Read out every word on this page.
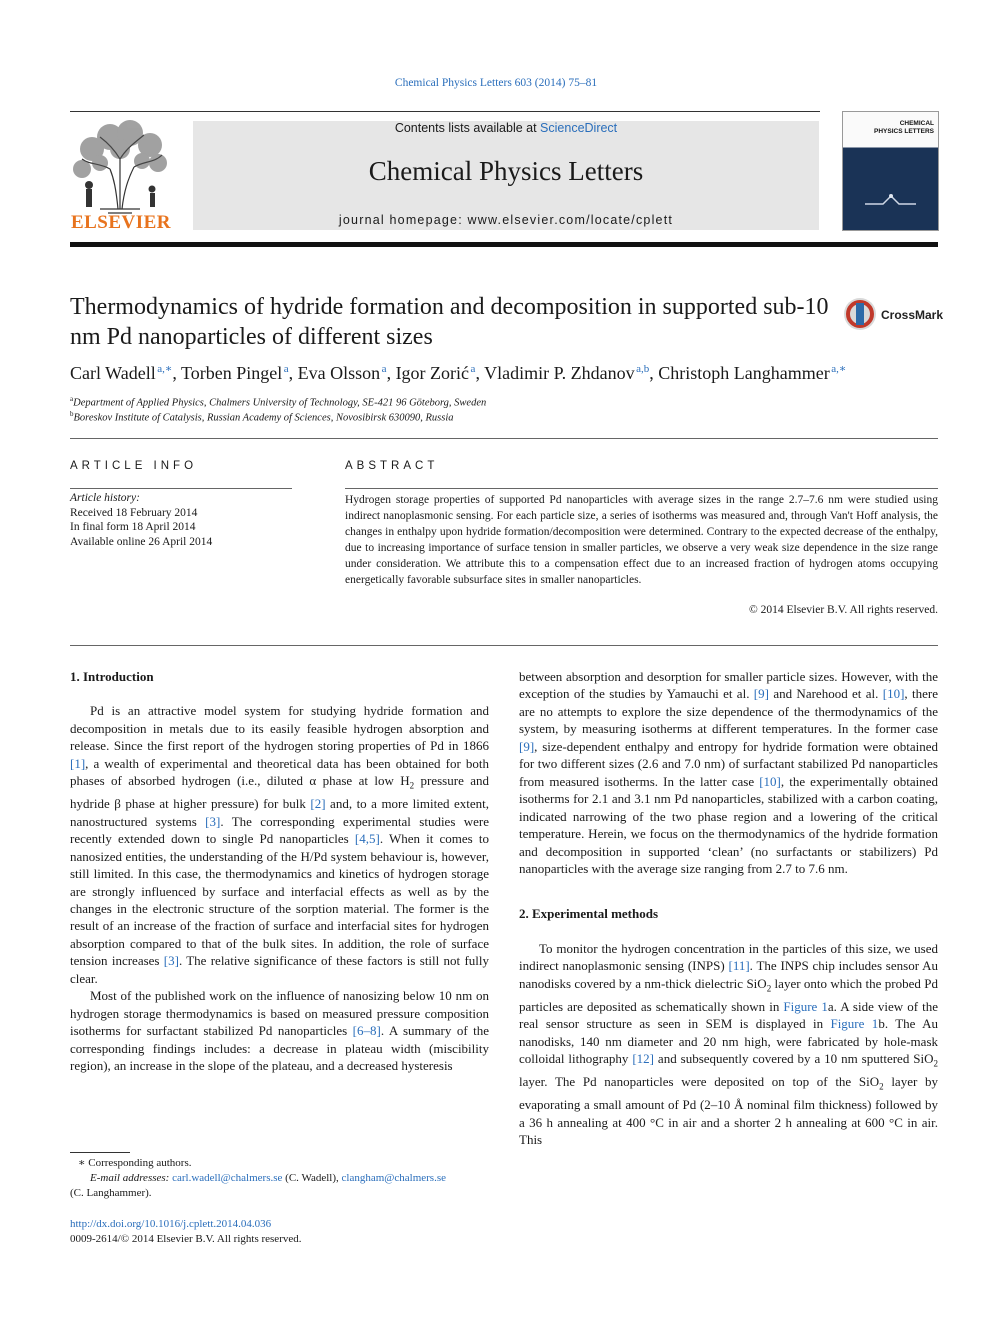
Chemical Physics Letters 603 (2014) 75–81
ELSEVIER
Contents lists available at ScienceDirect
Chemical Physics Letters
journal homepage: www.elsevier.com/locate/cplett
CHEMICAL PHYSICS LETTERS
Thermodynamics of hydride formation and decomposition in supported sub-10 nm Pd nanoparticles of different sizes
CrossMark
Carl Wadell  $^{a,∗}$, Torben Pingel  $^a$, Eva Olsson  $^a$, Igor Zorić  $^a$, Vladimir P. Zhdanov  $^{a,b}$, Christoph Langhammer  $^{a,∗}$
$^a$Department of Applied Physics, Chalmers University of Technology, SE-421 96 Göteborg, Sweden
$^b$Boreskov Institute of Catalysis, Russian Academy of Sciences, Novosibirsk 630090, Russia
ARTICLE INFO
Article history:
Received 18 February 2014
In final form 18 April 2014
Available online 26 April 2014
ABSTRACT
Hydrogen storage properties of supported Pd nanoparticles with average sizes in the range 2.7–7.6 nm were studied using indirect nanoplasmonic sensing. For each particle size, a series of isotherms was measured and, through Van't Hoff analysis, the changes in enthalpy upon hydride formation/decomposition were determined. Contrary to the expected decrease of the enthalpy, due to increasing importance of surface tension in smaller particles, we observe a very weak size dependence in the size range under consideration. We attribute this to a compensation effect due to an increased fraction of hydrogen atoms occupying energetically favorable subsurface sites in smaller nanoparticles.
© 2014 Elsevier B.V. All rights reserved.
1. Introduction

Pd is an attractive model system for studying hydride formation and decomposition in metals due to its easily feasible hydrogen absorption and release. Since the first report of the hydrogen storing properties of Pd in 1866 [1], a wealth of experimental and theoretical data has been obtained for both phases of absorbed hydrogen (i.e., diluted α phase at low $H_2$ pressure and hydride β phase at higher pressure) for bulk [2] and, to a more limited extent, nanostructured systems [3]. The corresponding experimental studies were recently extended down to single Pd nanoparticles [4,5]. When it comes to nanosized entities, the understanding of the H/Pd system behaviour is, however, still limited. In this case, the thermodynamics and kinetics of hydrogen storage are strongly influenced by surface and interfacial effects as well as by the changes in the electronic structure of the sorption material. The former is the result of an increase of the fraction of surface and interfacial sites for hydrogen absorption compared to that of the bulk sites. In addition, the role of surface tension increases [3]. The relative significance of these factors is still not fully clear.

Most of the published work on the influence of nanosizing below 10 nm on hydrogen storage thermodynamics is based on measured pressure composition isotherms for surfactant stabilized Pd nanoparticles [6–8]. A summary of the corresponding findings includes: a decrease in plateau width (miscibility region), an increase in the slope of the plateau, and a decreased hysteresis

between absorption and desorption for smaller particle sizes. However, with the exception of the studies by Yamauchi et al. [9] and Narehood et al. [10], there are no attempts to explore the size dependence of the thermodynamics of the system, by measuring isotherms at different temperatures. In the former case [9], size-dependent enthalpy and entropy for hydride formation were obtained for two different sizes (2.6 and 7.0 nm) of surfactant stabilized Pd nanoparticles from measured isotherms. In the latter case [10], the experimentally obtained isotherms for 2.1 and 3.1 nm Pd nanoparticles, stabilized with a carbon coating, indicated narrowing of the two phase region and a lowering of the critical temperature. Herein, we focus on the thermodynamics of the hydride formation and decomposition in supported ‘clean’ (no surfactants or stabilizers) Pd nanoparticles with the average size ranging from 2.7 to 7.6 nm.

2. Experimental methods

To monitor the hydrogen concentration in the particles of this size, we used indirect nanoplasmonic sensing (INPS) [11]. The INPS chip includes sensor Au nanodisks covered by a nm-thick dielectric SiO$_2$ layer onto which the probed Pd particles are deposited as schematically shown in Figure 1a. A side view of the real sensor structure as seen in SEM is displayed in Figure 1b. The Au nanodisks, 140 nm diameter and 20 nm high, were fabricated by hole-mask colloidal lithography [12] and subsequently covered by a 10 nm sputtered SiO$_2$ layer. The Pd nanoparticles were deposited on top of the SiO$_2$ layer by evaporating a small amount of Pd (2–10 Å nominal film thickness) followed by a 36 h annealing at 400 °C in air and a shorter 2 h annealing at 600 °C in air. This

∗ Corresponding authors.
E-mail addresses: carl.wadell@chalmers.se (C. Wadell), clangham@chalmers.se
(C. Langhammer).
http://dx.doi.org/10.1016/j.cplett.2014.04.036
0009-2614/© 2014 Elsevier B.V. All rights reserved.
